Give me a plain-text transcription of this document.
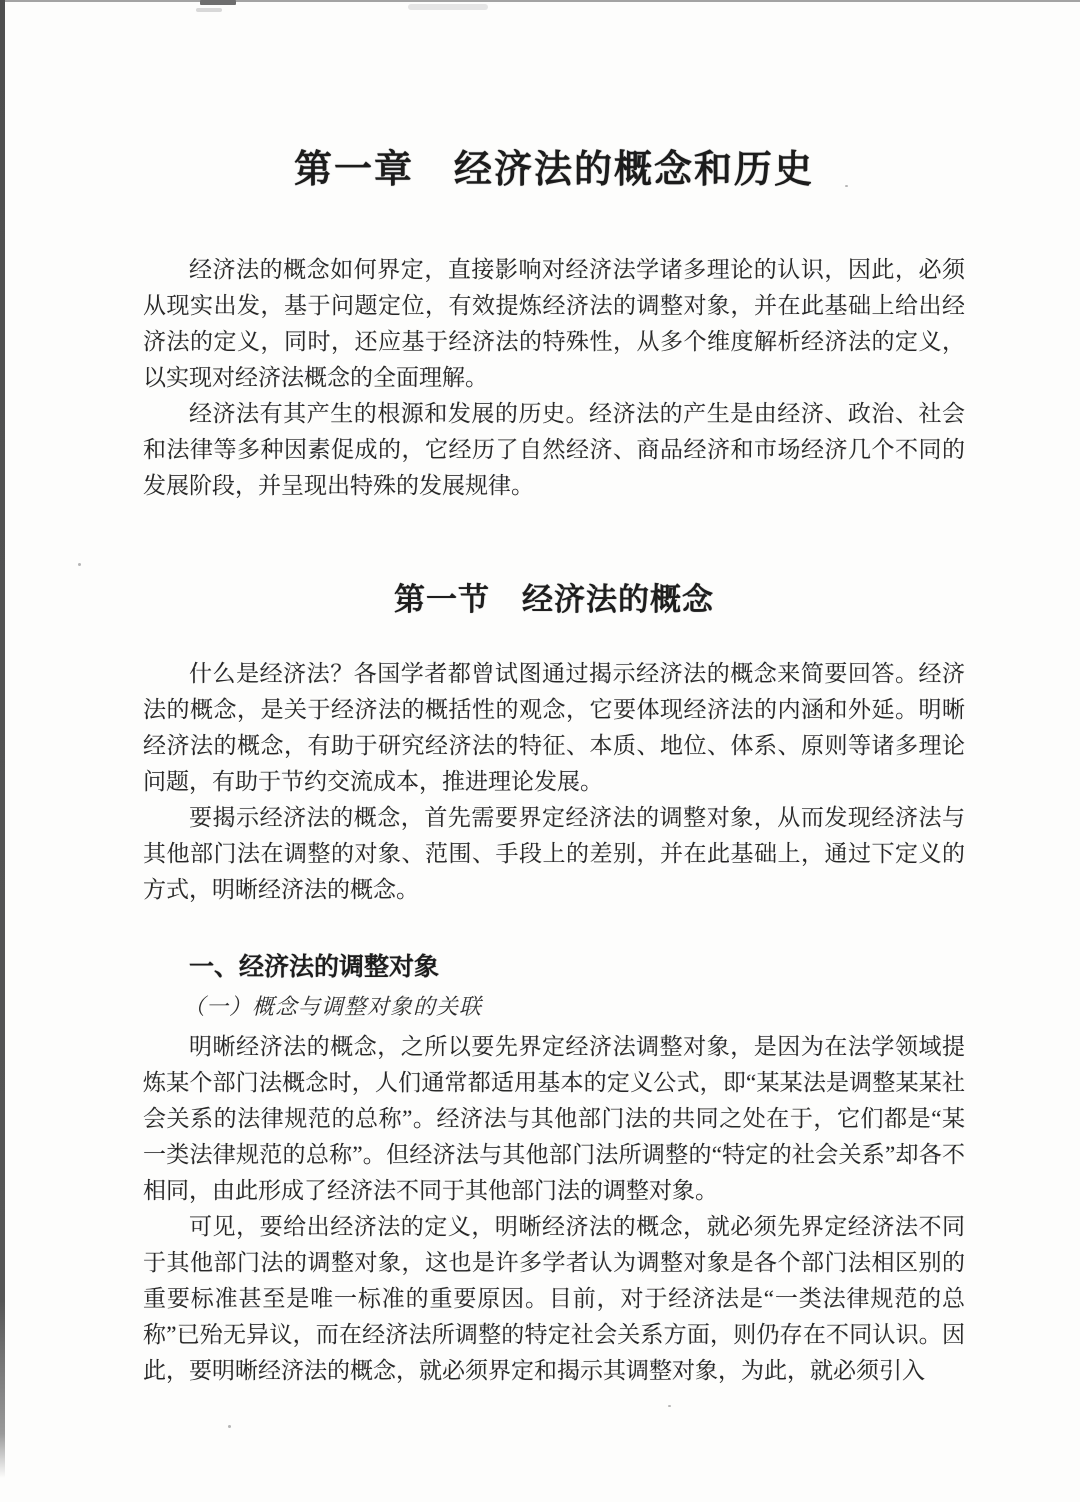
第一章　经济法的概念和历史

经济法的概念如何界定，直接影响对经济法学诸多理论的认识，因此，必须从现实出发，基于问题定位，有效提炼经济法的调整对象，并在此基础上给出经济法的定义，同时，还应基于经济法的特殊性，从多个维度解析经济法的定义，以实现对经济法概念的全面理解。

经济法有其产生的根源和发展的历史。经济法的产生是由经济、政治、社会和法律等多种因素促成的，它经历了自然经济、商品经济和市场经济几个不同的发展阶段，并呈现出特殊的发展规律。

第一节　经济法的概念

什么是经济法？各国学者都曾试图通过揭示经济法的概念来简要回答。经济法的概念，是关于经济法的概括性的观念，它要体现经济法的内涵和外延。明晰经济法的概念，有助于研究经济法的特征、本质、地位、体系、原则等诸多理论问题，有助于节约交流成本，推进理论发展。

要揭示经济法的概念，首先需要界定经济法的调整对象，从而发现经济法与其他部门法在调整的对象、范围、手段上的差别，并在此基础上，通过下定义的方式，明晰经济法的概念。

一、经济法的调整对象
（一）概念与调整对象的关联

明晰经济法的概念，之所以要先界定经济法调整对象，是因为在法学领域提炼某个部门法概念时，人们通常都适用基本的定义公式，即“某某法是调整某某社会关系的法律规范的总称”。经济法与其他部门法的共同之处在于，它们都是“某一类法律规范的总称”。但经济法与其他部门法所调整的“特定的社会关系”却各不相同，由此形成了经济法不同于其他部门法的调整对象。

可见，要给出经济法的定义，明晰经济法的概念，就必须先界定经济法不同于其他部门法的调整对象，这也是许多学者认为调整对象是各个部门法相区别的重要标准甚至是唯一标准的重要原因。目前，对于经济法是“一类法律规范的总称”已殆无异议，而在经济法所调整的特定社会关系方面，则仍存在不同认识。因此，要明晰经济法的概念，就必须界定和揭示其调整对象，为此，就必须引入
